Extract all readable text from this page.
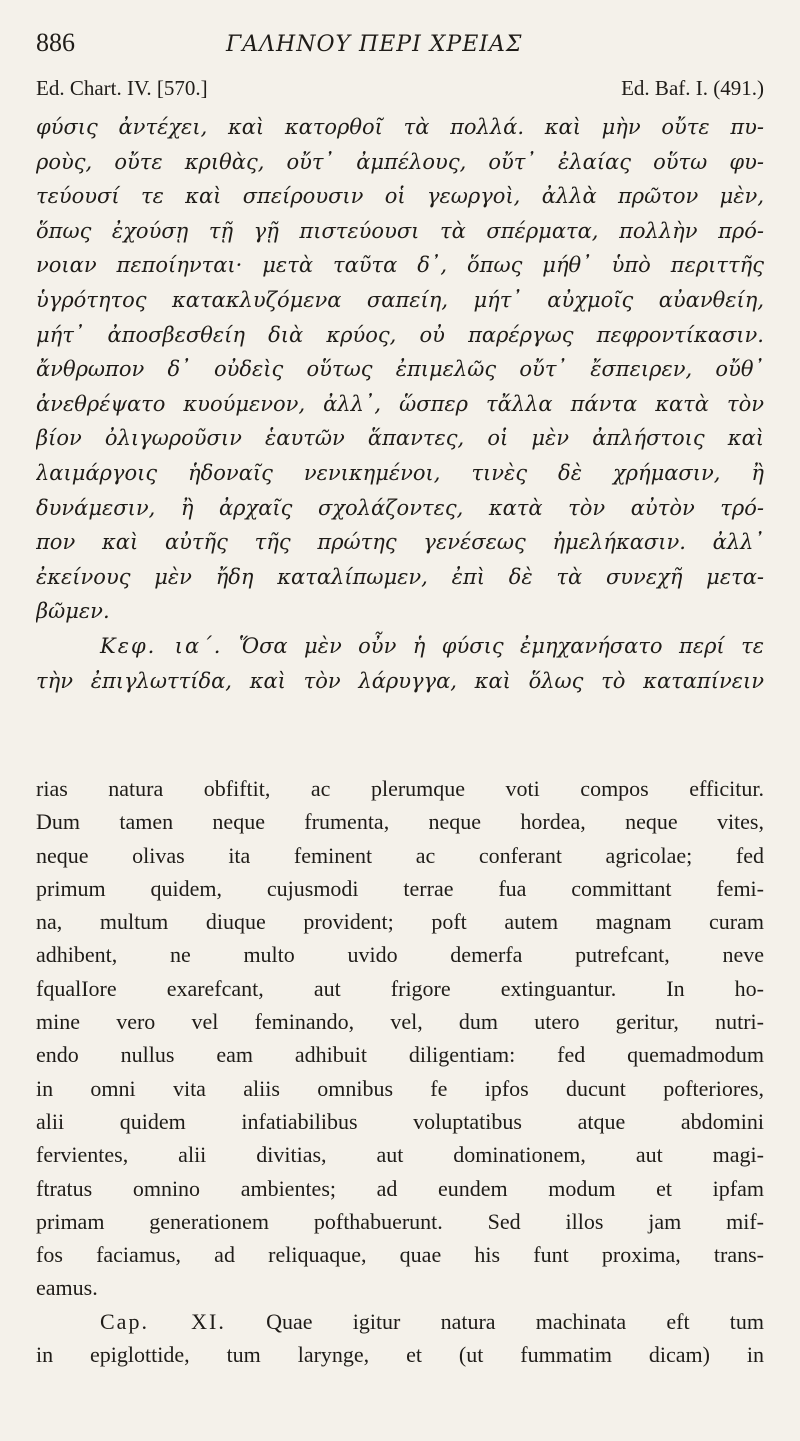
886	ΓΑΛΗΝΟΥ ΠΕΡΙ ΧΡΕΙΑΣ
Ed. Chart. IV. [570.]	Ed. Baf. I. (491.)
φύσις ἀντέχει, καὶ κατορθοῖ τὰ πολλά. καὶ μὴν οὔτε πυ-
ροὺς, οὔτε κριθὰς, οὔτ᾽ ἀμπέλους, οὔτ᾽ ἐλαίας οὕτω φυ-
τεύουσί τε καὶ σπείρουσιν οἱ γεωργοὶ, ἀλλὰ πρῶτον μὲν,
ὅπως ἐχούσῃ τῇ γῇ πιστεύουσι τὰ σπέρματα, πολλὴν πρό-
νοιαν πεποίηνται· μετὰ ταῦτα δ᾽, ὅπως μήθ᾽ ὑπὸ περιττῆς
ὑγρότητος κατακλυζόμενα σαπείη, μήτ᾽ αὐχμοῖς αὐανθείη,
μήτ᾽ ἀποσβεσθείη διὰ κρύος, οὐ παρέργως πεφροντίκασιν.
ἄνθρωπον δ᾽ οὐδεὶς οὕτως ἐπιμελῶς οὔτ᾽ ἔσπειρεν, οὔθ᾽
ἀνεθρέψατο κυούμενον, ἀλλ᾽, ὥσπερ τἄλλα πάντα κατὰ τὸν
βίον ὀλιγωροῦσιν ἑαυτῶν ἅπαντες, οἱ μὲν ἀπλήστοις καὶ
λαιμάργοις ἡδοναῖς νενικημένοι, τινὲς δὲ χρήμασιν, ἢ
δυνάμεσιν, ἢ ἀρχαῖς σχολάζοντες, κατὰ τὸν αὐτὸν τρό-
πον καὶ αὐτῆς τῆς πρώτης γενέσεως ἠμελήκασιν. ἀλλ᾽
ἐκείνους μὲν ἤδη καταλίπωμεν, ἐπὶ δὲ τὰ συνεχῆ μετα-
βῶμεν.
Κεφ. ια΄. Ὅσα μὲν οὖν ἡ φύσις ἐμηχανήσατο περί τε
τὴν ἐπιγλωττίδα, καὶ τὸν λάρυγγα, καὶ ὅλως τὸ καταπίνειν
rias natura obfiftit, ac plerumque voti compos efficitur.
Dum tamen neque frumenta, neque hordea, neque vites,
neque olivas ita feminent ac conferant agricolae; fed
primum quidem, cujusmodi terrae fua committant femi-
na, multum diuque provident; poft autem magnam curam
adhibent, ne multo uvido demerfa putrefcant, neve
fqualIore exarefcant, aut frigore extinguantur. In ho-
mine vero vel feminando, vel, dum utero geritur, nutri-
endo nullus eam adhibuit diligentiam: fed quemadmodum
in omni vita aliis omnibus fe ipfos ducunt pofteriores,
alii quidem infatiabilibus voluptatibus atque abdomini
fervientes, alii divitias, aut dominationem, aut magi-
ftratus omnino ambientes; ad eundem modum et ipfam
primam generationem pofthabuerunt. Sed illos jam mif-
fos faciamus, ad reliquaque, quae his funt proxima, trans-
eamus.
Cap. XI. Quae igitur natura machinata eft tum
in epiglottide, tum larynge, et (ut fummatim dicam) in
